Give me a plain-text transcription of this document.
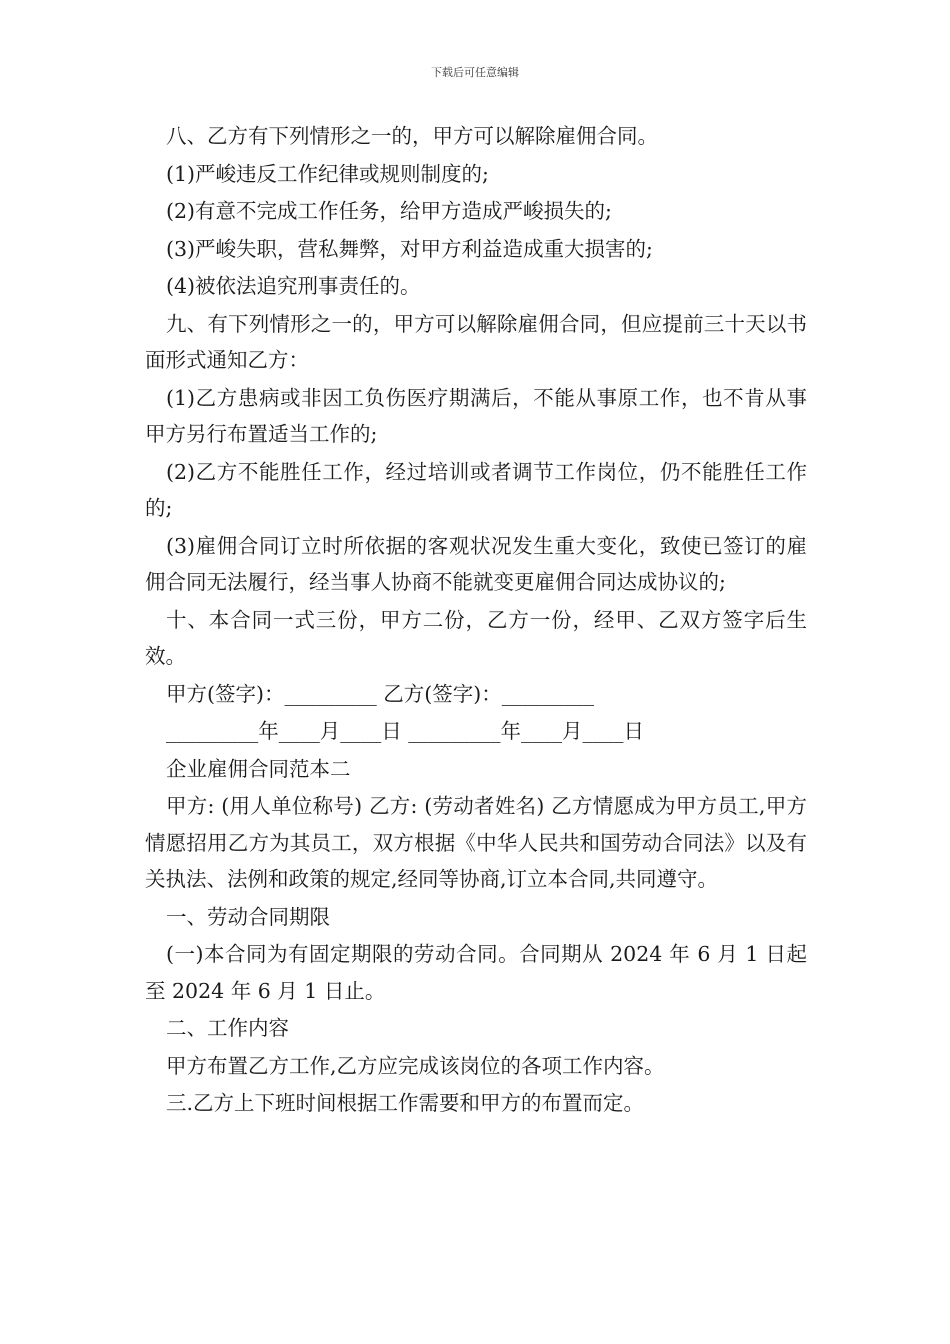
下载后可任意编辑

八、乙方有下列情形之一的，甲方可以解除雇佣合同。

(1)严峻违反工作纪律或规则制度的;

(2)有意不完成工作任务，给甲方造成严峻损失的;

(3)严峻失职，营私舞弊，对甲方利益造成重大损害的;

(4)被依法追究刑事责任的。

九、有下列情形之一的，甲方可以解除雇佣合同，但应提前三十天以书面形式通知乙方：

(1)乙方患病或非因工负伤医疗期满后，不能从事原工作，也不肯从事甲方另行布置适当工作的;

(2)乙方不能胜任工作，经过培训或者调节工作岗位，仍不能胜任工作的;

(3)雇佣合同订立时所依据的客观状况发生重大变化，致使已签订的雇佣合同无法履行，经当事人协商不能就变更雇佣合同达成协议的;

十、本合同一式三份，甲方二份，乙方一份，经甲、乙双方签字后生效。

甲方(签字)：_________ 乙方(签字)：_________

_________年____月____日 _________年____月____日

企业雇佣合同范本二

甲方: (用人单位称号) 乙方: (劳动者姓名) 乙方情愿成为甲方员工,甲方情愿招用乙方为其员工，双方根据《中华人民共和国劳动合同法》以及有关执法、法例和政策的规定,经同等协商,订立本合同,共同遵守。

一、劳动合同期限

(一)本合同为有固定期限的劳动合同。合同期从 2024 年 6 月 1 日起至 2024 年 6 月 1 日止。

二、工作内容

甲方布置乙方工作,乙方应完成该岗位的各项工作内容。

三.乙方上下班时间根据工作需要和甲方的布置而定。
